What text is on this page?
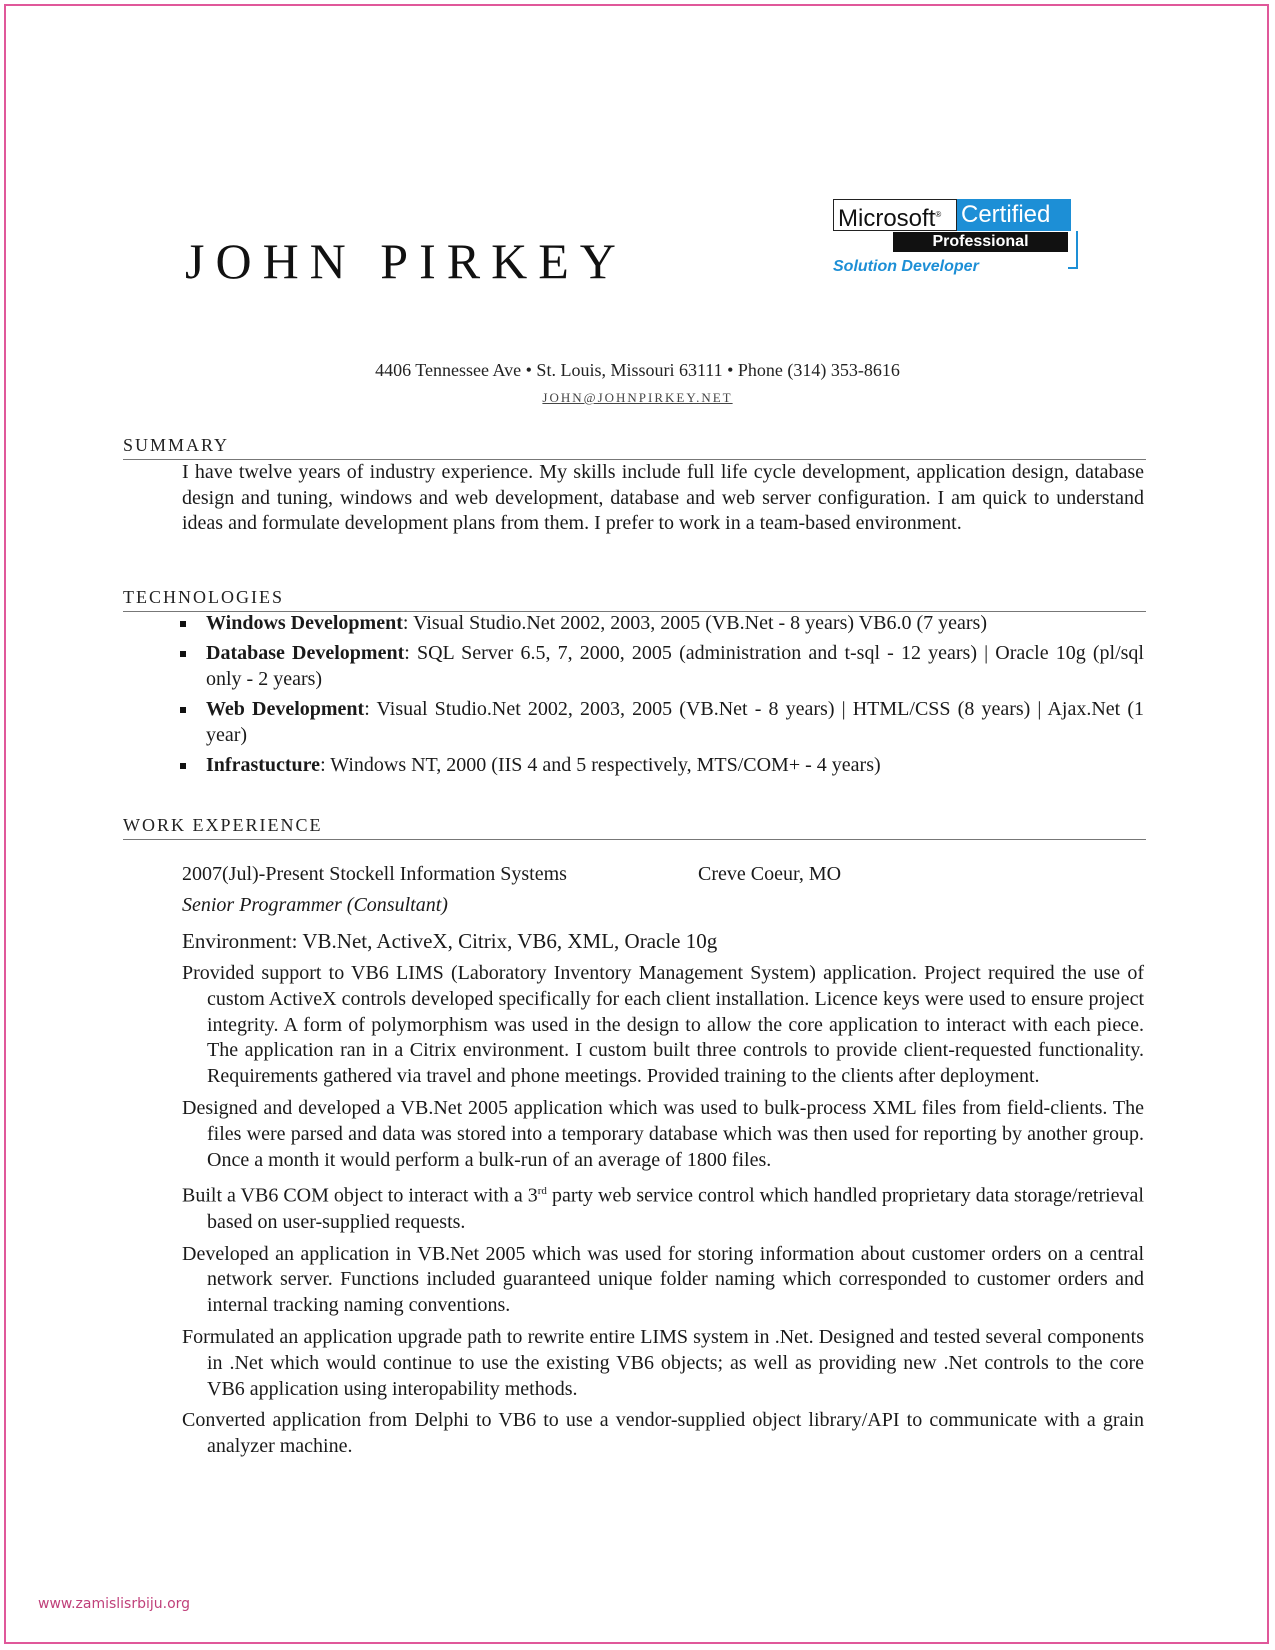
JOHN PIRKEY
Microsoft® Certified
Professional
Solution Developer
4406 Tennessee Ave • St. Louis, Missouri 63111 • Phone (314) 353-8616
JOHN@JOHNPIRKEY.NET
SUMMARY
I have twelve years of industry experience. My skills include full life cycle development, application design, database design and tuning, windows and web development, database and web server configuration. I am quick to understand ideas and formulate development plans from them. I prefer to work in a team-based environment.
TECHNOLOGIES
Windows Development: Visual Studio.Net 2002, 2003, 2005 (VB.Net - 8 years) VB6.0 (7 years)
Database Development: SQL Server 6.5, 7, 2000, 2005 (administration and t-sql - 12 years) | Oracle 10g (pl/sql only - 2 years)
Web Development: Visual Studio.Net 2002, 2003, 2005 (VB.Net - 8 years) | HTML/CSS (8 years) | Ajax.Net (1 year)
Infrastucture: Windows NT, 2000 (IIS 4 and 5 respectively, MTS/COM+ - 4 years)
WORK EXPERIENCE
2007(Jul)-Present Stockell Information Systems	Creve Coeur, MO
Senior Programmer (Consultant)
Environment: VB.Net, ActiveX, Citrix, VB6, XML, Oracle 10g
Provided support to VB6 LIMS (Laboratory Inventory Management System) application. Project required the use of custom ActiveX controls developed specifically for each client installation. Licence keys were used to ensure project integrity. A form of polymorphism was used in the design to allow the core application to interact with each piece. The application ran in a Citrix environment. I custom built three controls to provide client-requested functionality. Requirements gathered via travel and phone meetings. Provided training to the clients after deployment.
Designed and developed a VB.Net 2005 application which was used to bulk-process XML files from field-clients. The files were parsed and data was stored into a temporary database which was then used for reporting by another group. Once a month it would perform a bulk-run of an average of 1800 files.
Built a VB6 COM object to interact with a 3rd party web service control which handled proprietary data storage/retrieval based on user-supplied requests.
Developed an application in VB.Net 2005 which was used for storing information about customer orders on a central network server. Functions included guaranteed unique folder naming which corresponded to customer orders and internal tracking naming conventions.
Formulated an application upgrade path to rewrite entire LIMS system in .Net. Designed and tested several components in .Net which would continue to use the existing VB6 objects; as well as providing new .Net controls to the core VB6 application using interopability methods.
Converted application from Delphi to VB6 to use a vendor-supplied object library/API to communicate with a grain analyzer machine.
www.zamislisrbiju.org
